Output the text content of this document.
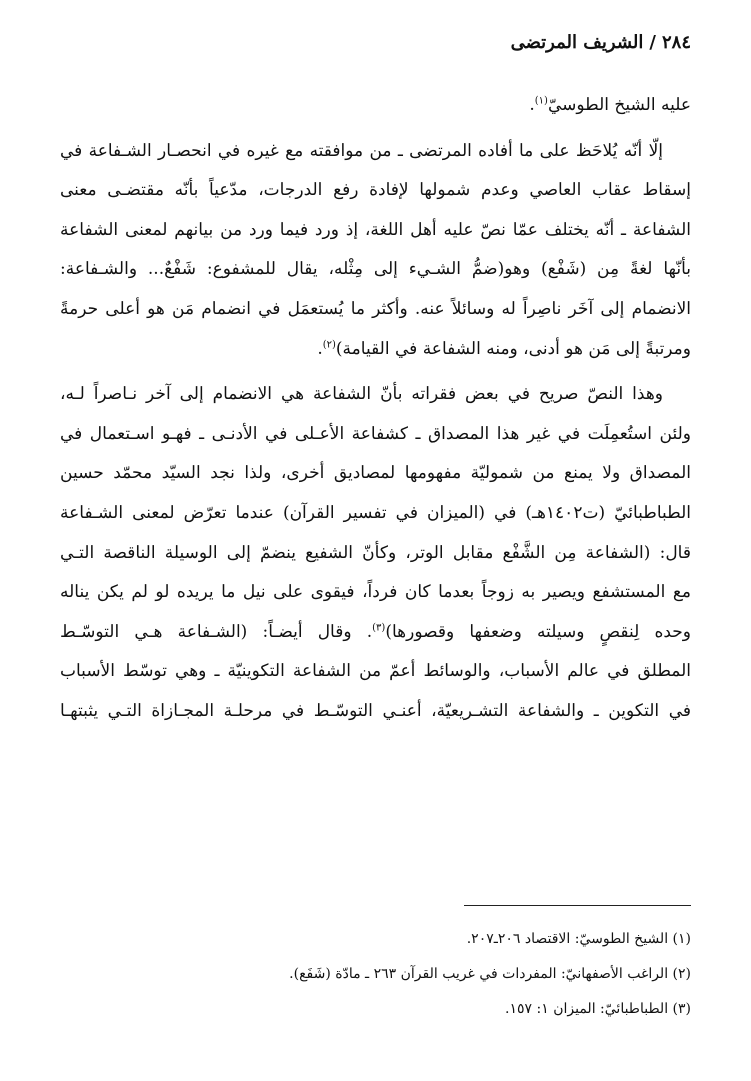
٢٨٤/الشريف المرتضى
عليه الشيخ الطوسيّ$^{(١)}$.
إلّا أنّه يُلاحَظ على ما أفاده المرتضى ـ من موافقته مع غيره في انحصـار الشـفاعة في
إسقاط عقاب العاصي وعدم شمولها لإفادة رفع الدرجات، مدّعياً بأنّه مقتضـى معنى
الشفاعة ـ أنّه يختلف عمّا نصّ عليه أهل اللغة، إذ ورد فيما ورد من بيانهم لمعنى الشفاعة
بأنّها لغةً مِن (شَفْع) وهو(ضمُّ الشـيء إلى مِثْله، يقال للمشفوع: شَفْعٌ... والشـفاعة:
الانضمام إلى آخَر ناصِراً له وسائلاً عنه. وأكثر ما يُستعمَل في انضمام مَن هو أعلى حرمةً
ومرتبةً إلى مَن هو أدنى، ومنه الشفاعة في القيامة)$^{(٢)}$.
وهذا النصّ صريح في بعض فقراته بأنّ الشفاعة هي الانضمام إلى آخر نـاصراً لـه،
ولئن استُعمِلَت في غير هذا المصداق ـ كشفاعة الأعـلى في الأدنـى ـ فهـو اسـتعمال في
المصداق ولا يمنع من شموليّة مفهومها لمصاديق أخرى، ولذا نجد السيّد محمّد حسين
الطباطبائيّ (ت١٤٠٢هـ) في (الميزان في تفسير القرآن) عندما تعرّض لمعنى الشـفاعة
قال: (الشفاعة مِن الشَّفْع مقابل الوتر، وكأنّ الشفيع ينضمّ إلى الوسيلة الناقصة التـي
مع المستشفع ويصير به زوجاً بعدما كان فرداً، فيقوى على نيل ما يريده لو لم يكن يناله
وحده لِنقصٍ وسيلته وضعفها وقصورها)$^{(٣)}$. وقال أيضـاً: (الشـفاعة هـي التوسّـط
المطلق في عالم الأسباب، والوسائط أعمّ من الشفاعة التكوينيّة ـ وهي توسّط الأسباب
في التكوين ـ والشفاعة التشـريعيّة، أعنـي التوسّـط في مرحلـة المجـازاة التـي يثبتهـا
(١) الشيخ الطوسيّ: الاقتصاد ٢٠٦ـ٢٠٧.
(٢) الراغب الأصفهانيّ: المفردات في غريب القرآن ٢٦٣ ـ مادّة (شَفَع).
(٣) الطباطبائيّ: الميزان ١: ١٥٧.
